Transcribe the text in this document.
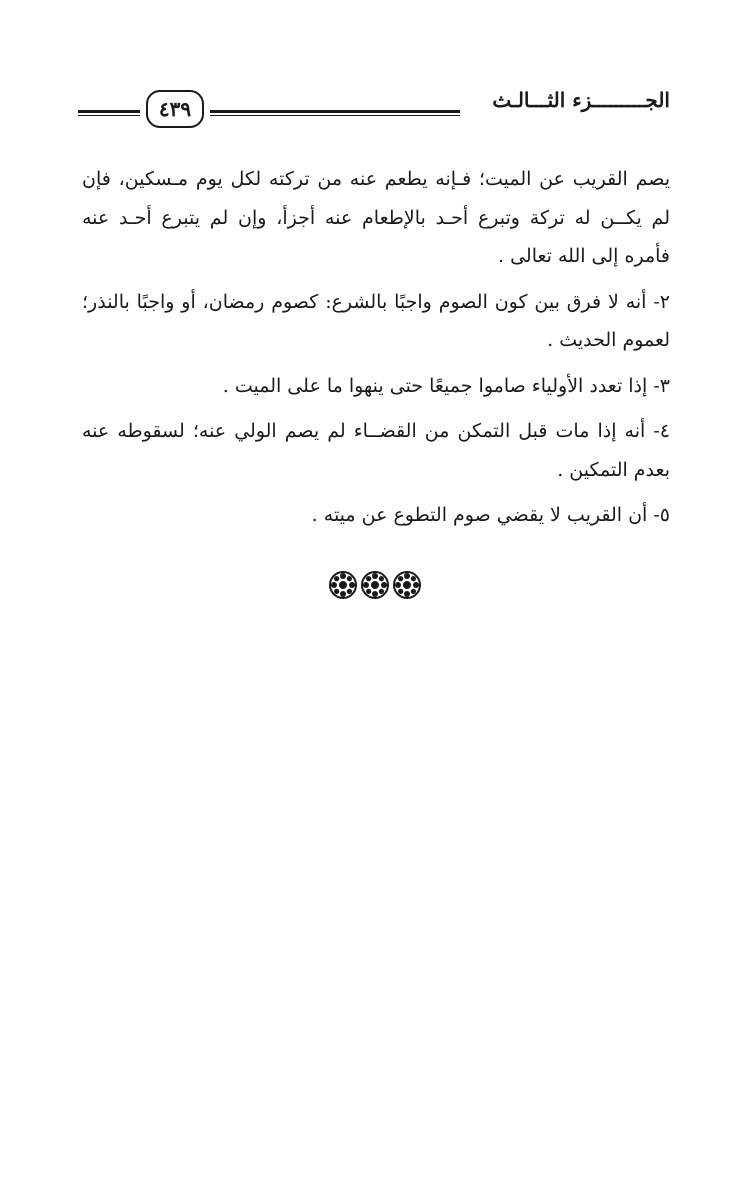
الجـــــــــزء الثـــالـث
٤٣٩

يصم القريب عن الميت؛ فـإنه يطعم عنه من تركته لكل يوم مـسكين، فإن لم يكــن له تركة وتبرع أحـد بالإطعام عنه أجزأ، وإن لم يتبرع أحـد عنه فأمره إلى الله تعالى .

٢- أنه لا فرق بين كون الصوم واجبًا بالشرع: كصوم رمضان، أو واجبًا بالنذر؛ لعموم الحديث .

٣- إذا تعدد الأولياء صاموا جميعًا حتى ينهوا ما على الميت .

٤- أنه إذا مات قبل التمكن من القضــاء لم يصم الولي عنه؛ لسقوطه عنه بعدم التمكين .

٥- أن القريب لا يقضي صوم التطوع عن ميته .
